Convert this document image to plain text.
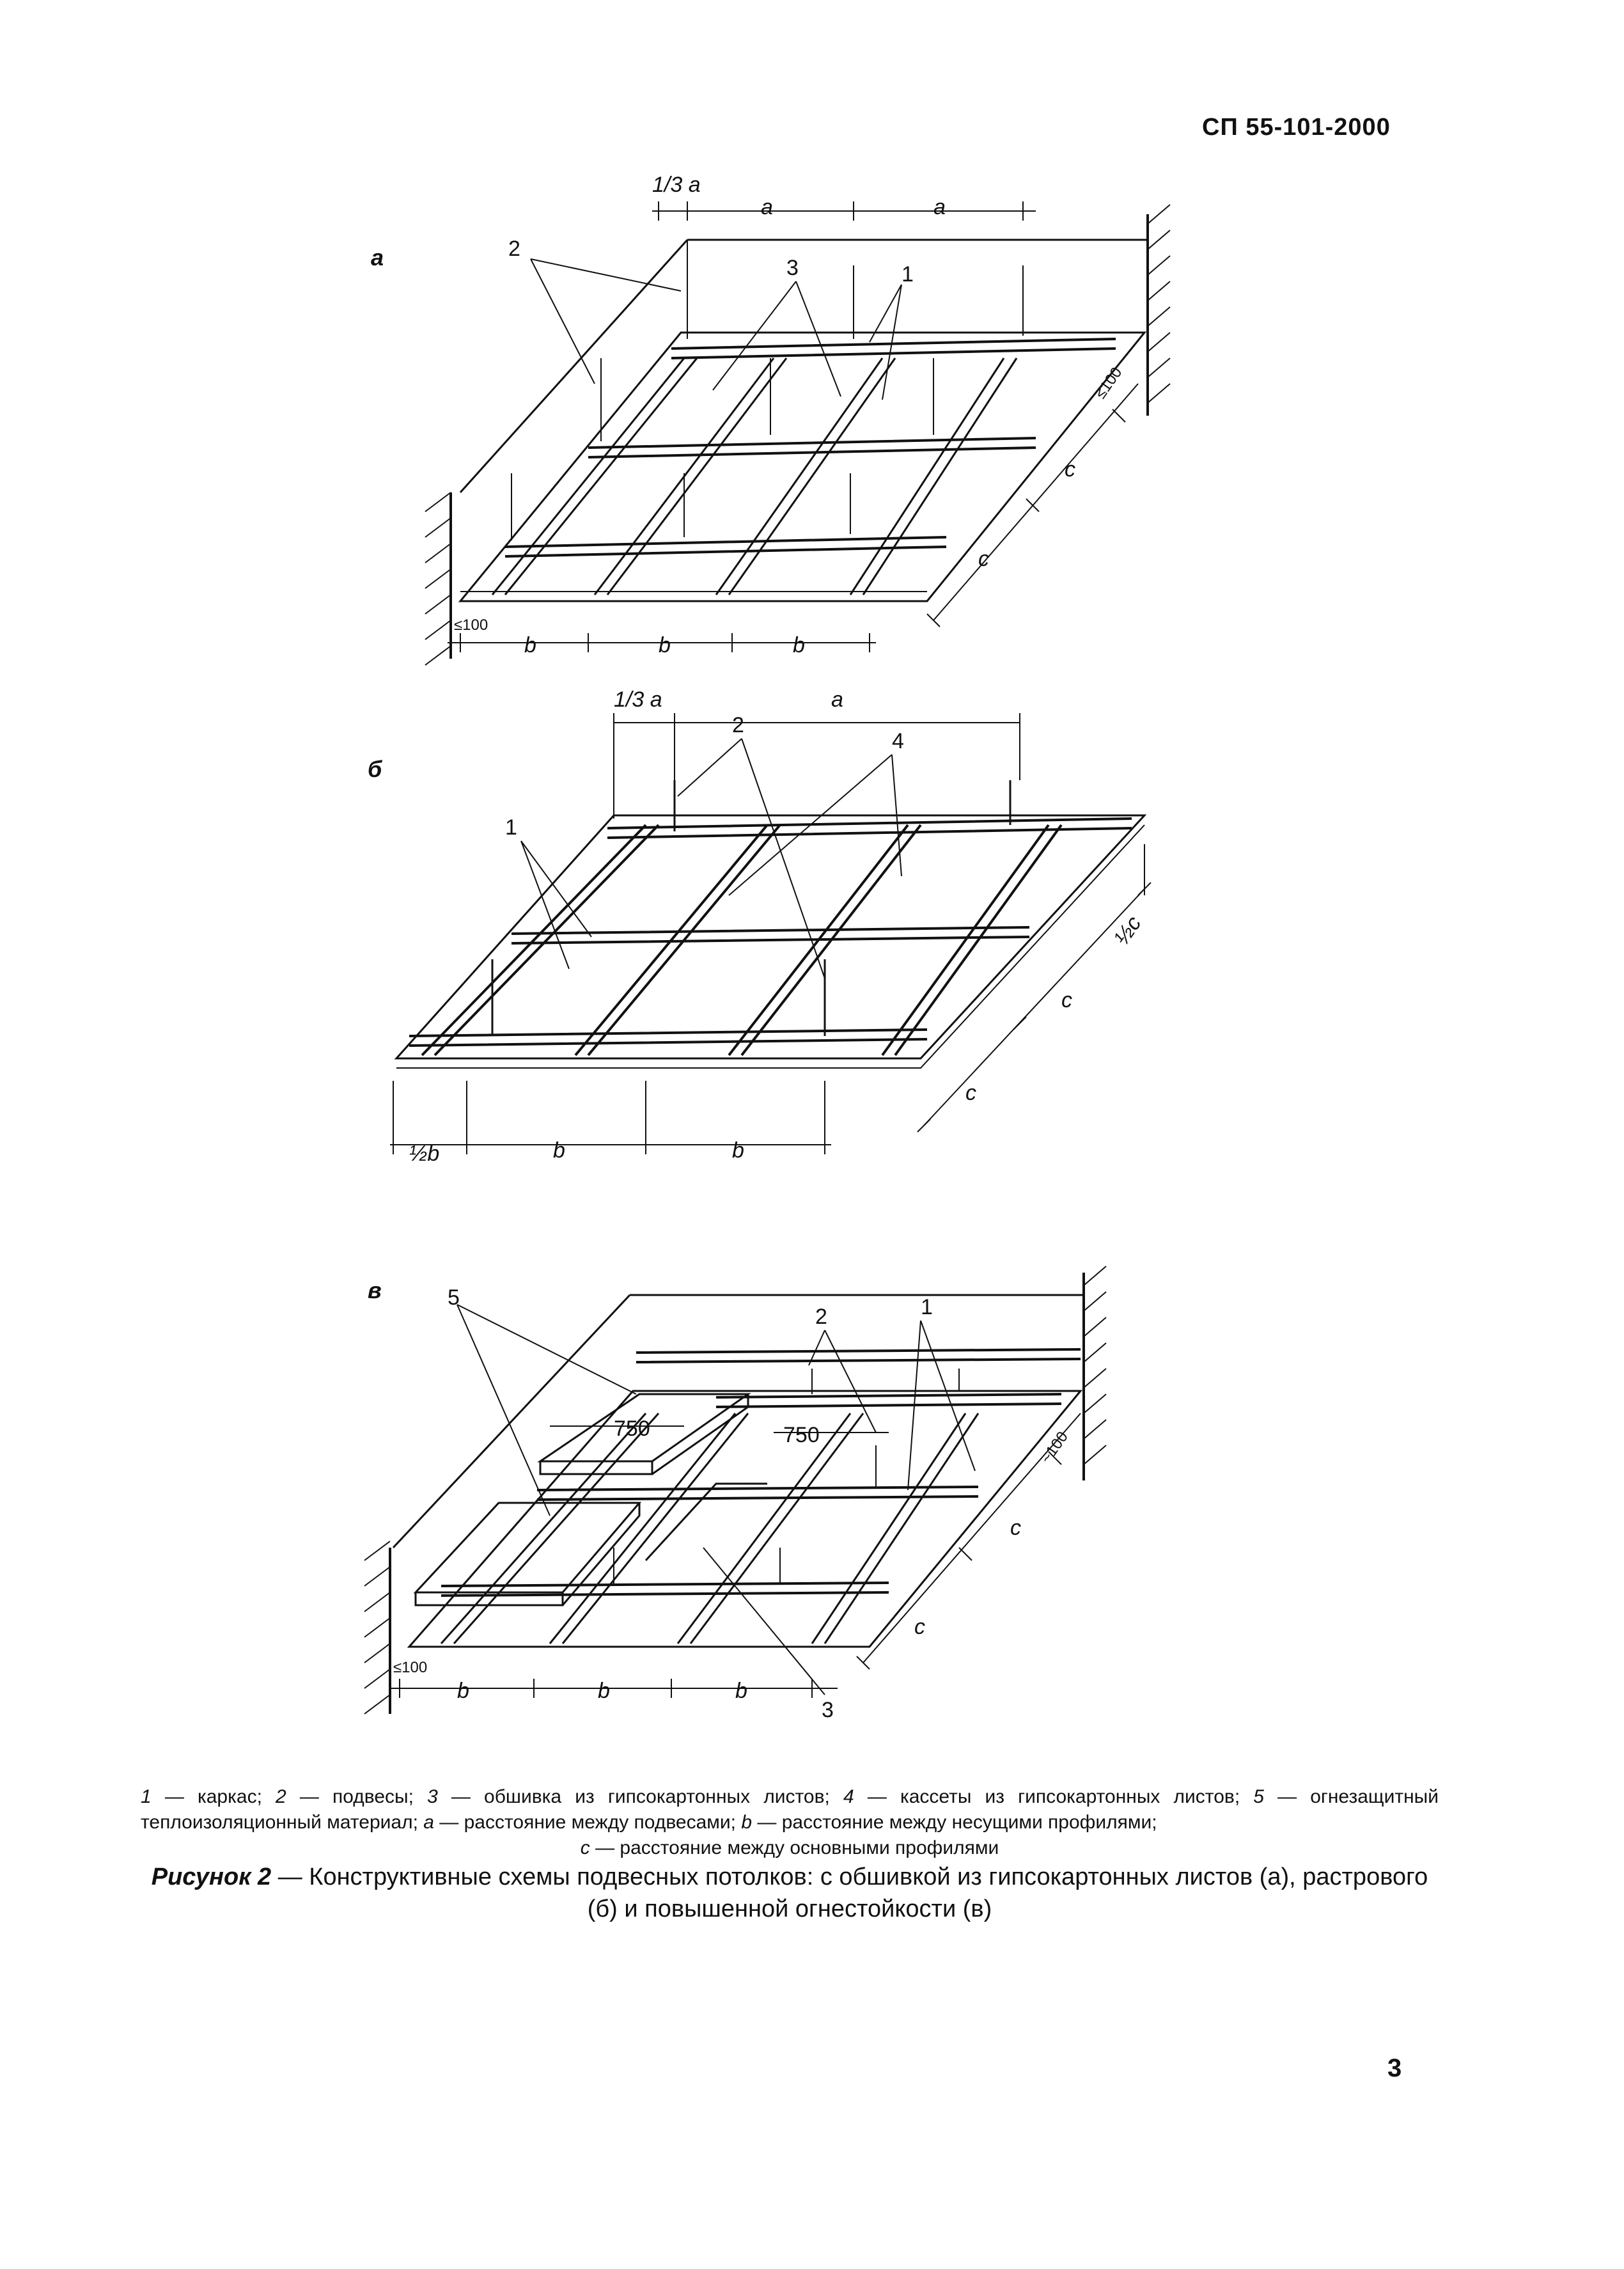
СП 55-101-2000
а	2
3	1
1/3 а
а	а
≤100
b	b	b
≤100
с
с
б
2
4
1
1/3 а	а
½b	b	b
½с
с
с
в	5
2	1
3
750	750
≤100
b	b	b
~100
с
с
1 — каркас; 2 — подвесы; 3 — обшивка из гипсокартонных листов; 4 — кассеты из гипсокартонных листов; 5 — огнезащитный теплоизоляционный материал; а — расстояние между подвесами; b — расстояние между несущими профилями;
с — расстояние между основными профилями
Рисунок 2 — Конструктивные схемы подвесных потолков: с обшивкой из гипсокартонных листов (а), растрового (б) и повышенной огнестойкости (в)
3
